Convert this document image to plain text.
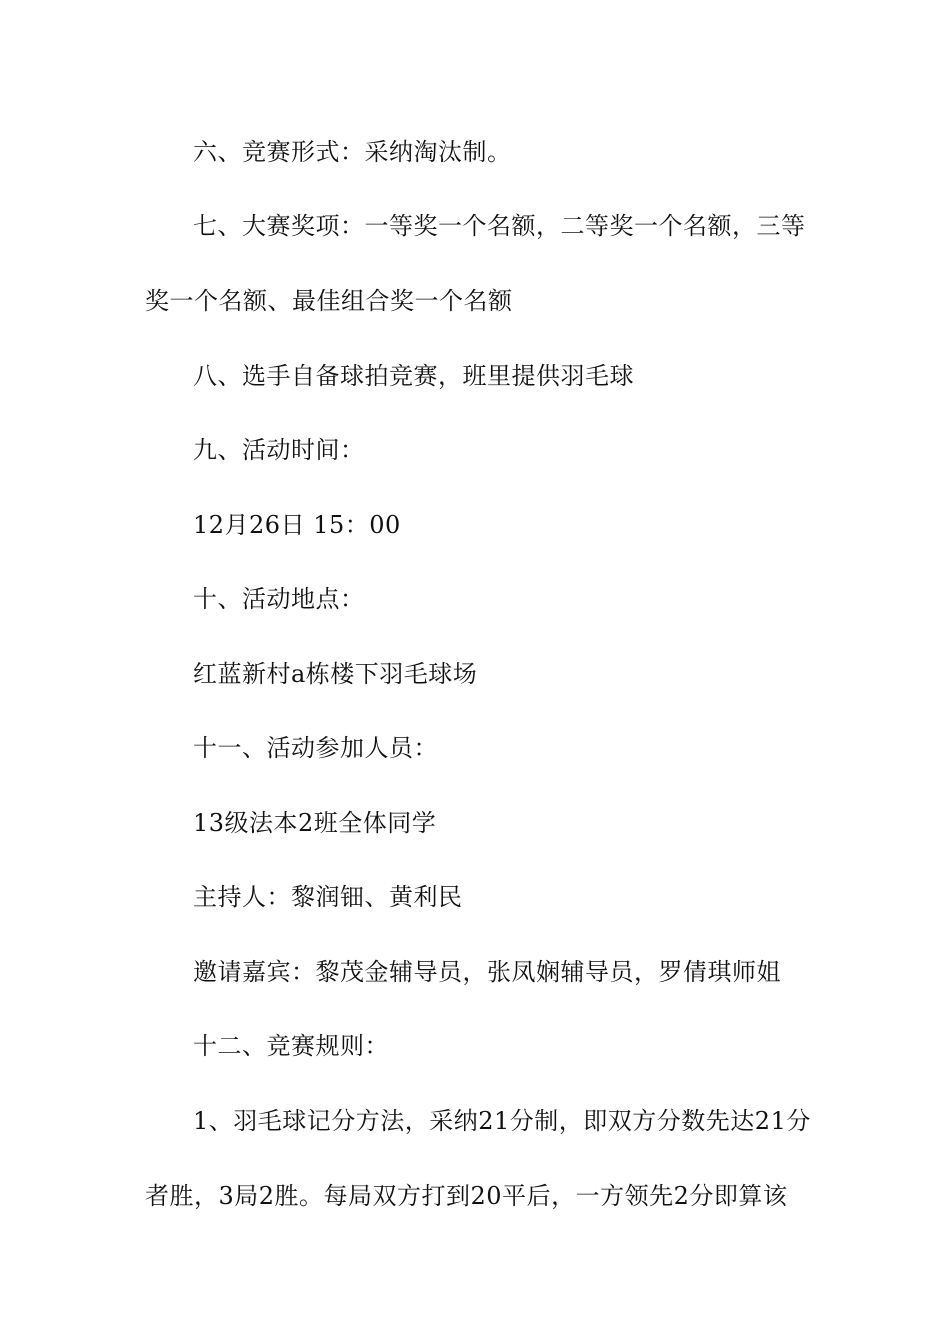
六、竞赛形式：采纳淘汰制。
七、大赛奖项：一等奖一个名额，二等奖一个名额，三等
奖一个名额、最佳组合奖一个名额
八、选手自备球拍竞赛，班里提供羽毛球
九、活动时间：
12月26日 15：00
十、活动地点：
红蓝新村a栋楼下羽毛球场
十一、活动参加人员：
13级法本2班全体同学
主持人：黎润钿、黄利民
邀请嘉宾：黎茂金辅导员，张凤娴辅导员，罗倩琪师姐
十二、竞赛规则：
1、羽毛球记分方法，采纳21分制，即双方分数先达21分
者胜，3局2胜。每局双方打到20平后，一方领先2分即算该
